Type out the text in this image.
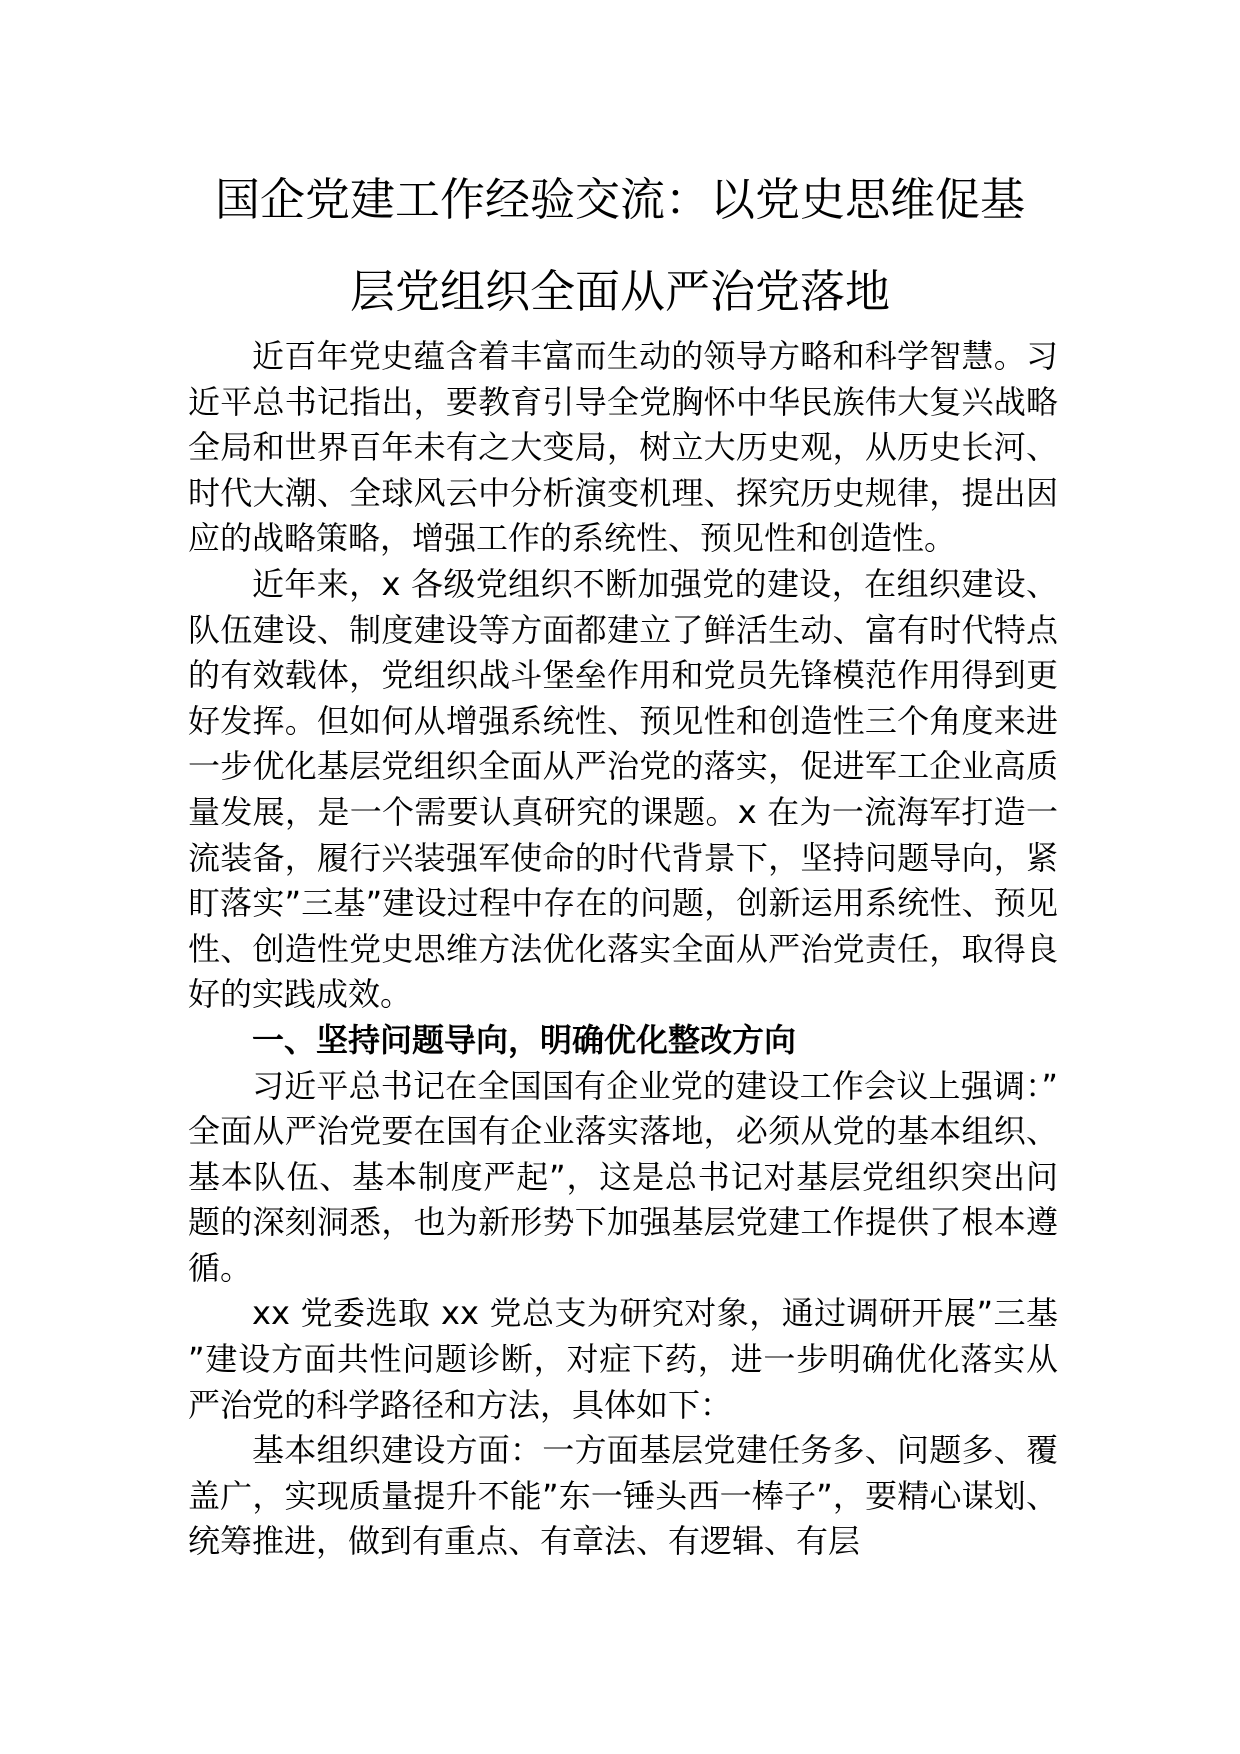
国企党建工作经验交流：以党史思维促基
层党组织全面从严治党落地

近百年党史蕴含着丰富而生动的领导方略和科学智慧。习近平总书记指出，要教育引导全党胸怀中华民族伟大复兴战略全局和世界百年未有之大变局，树立大历史观，从历史长河、时代大潮、全球风云中分析演变机理、探究历史规律，提出因应的战略策略，增强工作的系统性、预见性和创造性。

近年来，x 各级党组织不断加强党的建设，在组织建设、队伍建设、制度建设等方面都建立了鲜活生动、富有时代特点的有效载体，党组织战斗堡垒作用和党员先锋模范作用得到更好发挥。但如何从增强系统性、预见性和创造性三个角度来进一步优化基层党组织全面从严治党的落实，促进军工企业高质量发展，是一个需要认真研究的课题。x 在为一流海军打造一流装备，履行兴装强军使命的时代背景下，坚持问题导向，紧盯落实”三基”建设过程中存在的问题，创新运用系统性、预见性、创造性党史思维方法优化落实全面从严治党责任，取得良好的实践成效。

一、坚持问题导向，明确优化整改方向

习近平总书记在全国国有企业党的建设工作会议上强调：”全面从严治党要在国有企业落实落地，必须从党的基本组织、基本队伍、基本制度严起”，这是总书记对基层党组织突出问题的深刻洞悉，也为新形势下加强基层党建工作提供了根本遵循。

xx 党委选取 xx 党总支为研究对象，通过调研开展”三基”建设方面共性问题诊断，对症下药，进一步明确优化落实从严治党的科学路径和方法，具体如下：

基本组织建设方面：一方面基层党建任务多、问题多、覆盖广，实现质量提升不能”东一锤头西一棒子”，要精心谋划、统筹推进，做到有重点、有章法、有逻辑、有层
